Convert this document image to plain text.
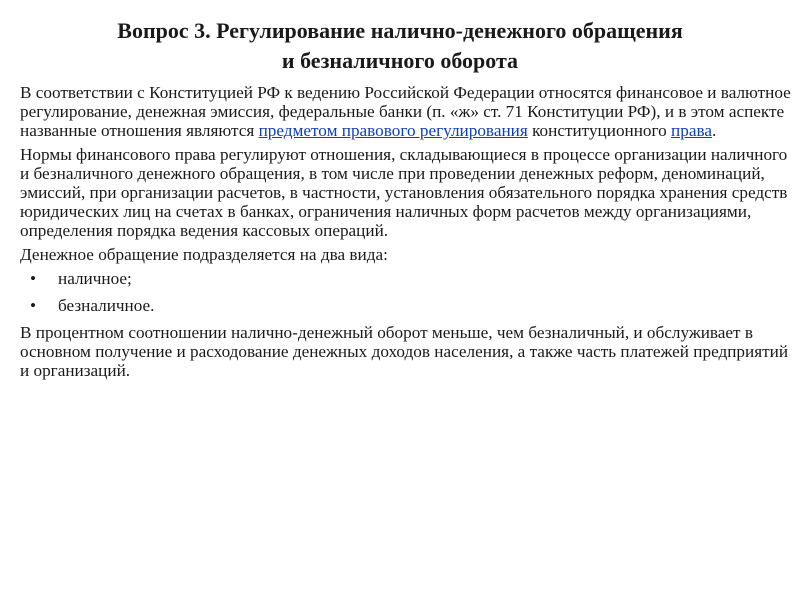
Вопрос 3. Регулирование налично-денежного обращения
и безналичного оборота

В соответствии с Конституцией РФ к ведению Российской Федерации относятся финансовое и валютное регулирование, денежная эмиссия, федеральные банки (п. «ж» ст. 71 Конституции РФ), и в этом аспекте названные отношения являются предметом правового регулирования конституционного права.

Нормы финансового права регулируют отношения, складывающиеся в процессе организации наличного и безналичного денежного обращения, в том числе при проведении денежных реформ, деноминаций, эмиссий, при организации расчетов, в частности, установления обязательного порядка хранения средств юридических лиц на счетах в банках, ограничения наличных форм расчетов между организациями, определения порядка ведения кассовых операций.

Денежное обращение подразделяется на два вида:

• наличное;
• безналичное.

В процентном соотношении налично-денежный оборот меньше, чем безналичный, и обслуживает в основном получение и расходование денежных доходов населения, а также часть платежей предприятий и организаций.
